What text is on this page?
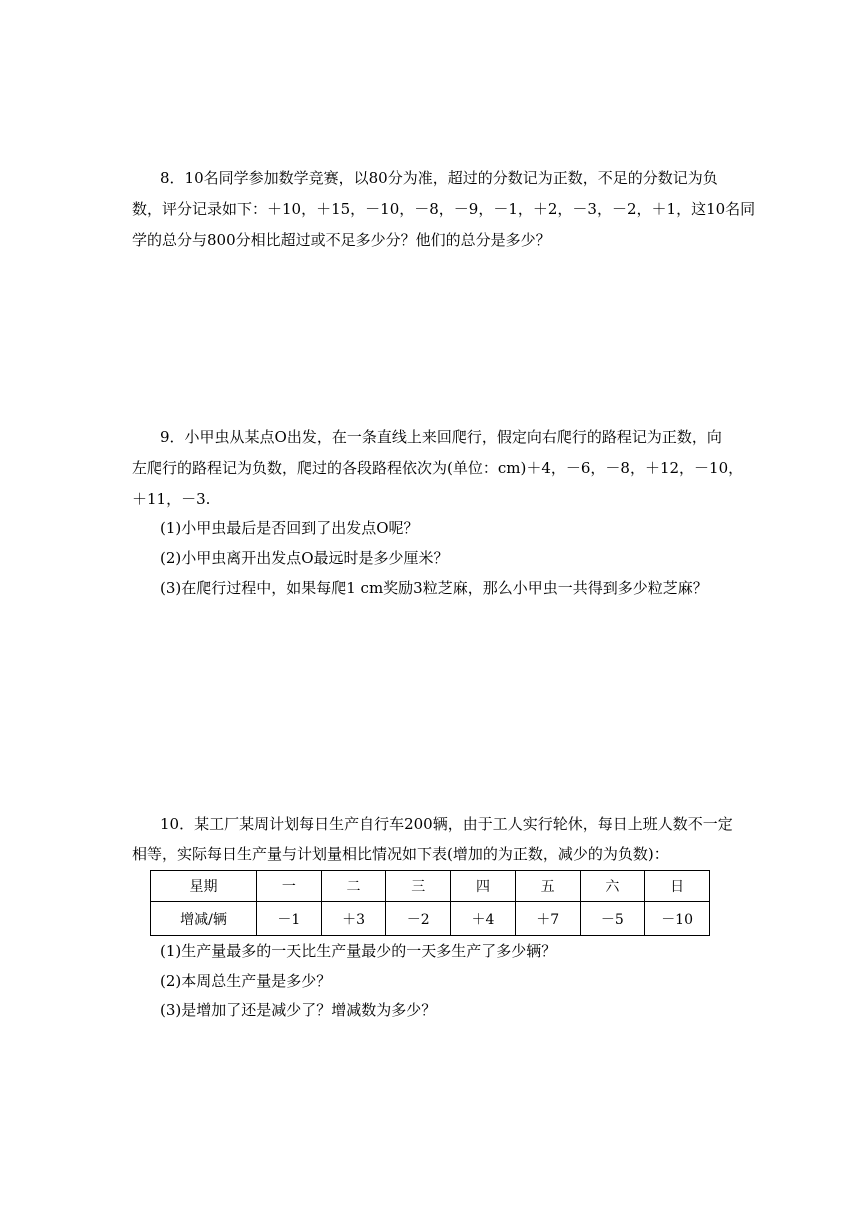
8．10名同学参加数学竞赛，以80分为准，超过的分数记为正数，不足的分数记为负
数，评分记录如下：＋10，＋15，－10，－8，－9，－1，＋2，－3，－2，＋1，这10名同
学的总分与800分相比超过或不足多少分？他们的总分是多少？
9．小甲虫从某点O出发，在一条直线上来回爬行，假定向右爬行的路程记为正数，向
左爬行的路程记为负数，爬过的各段路程依次为(单位：cm)＋4，－6，－8，＋12，－10，
＋11，－3.
(1)小甲虫最后是否回到了出发点O呢？
(2)小甲虫离开出发点O最远时是多少厘米？
(3)在爬行过程中，如果每爬1 cm奖励3粒芝麻，那么小甲虫一共得到多少粒芝麻？
10．某工厂某周计划每日生产自行车200辆，由于工人实行轮休，每日上班人数不一定
相等，实际每日生产量与计划量相比情况如下表(增加的为正数，减少的为负数)：
星期	一	二	三	四	五	六	日
增减/辆	－1	＋3	－2	＋4	＋7	－5	－10
(1)生产量最多的一天比生产量最少的一天多生产了多少辆？
(2)本周总生产量是多少？
(3)是增加了还是减少了？增减数为多少？
